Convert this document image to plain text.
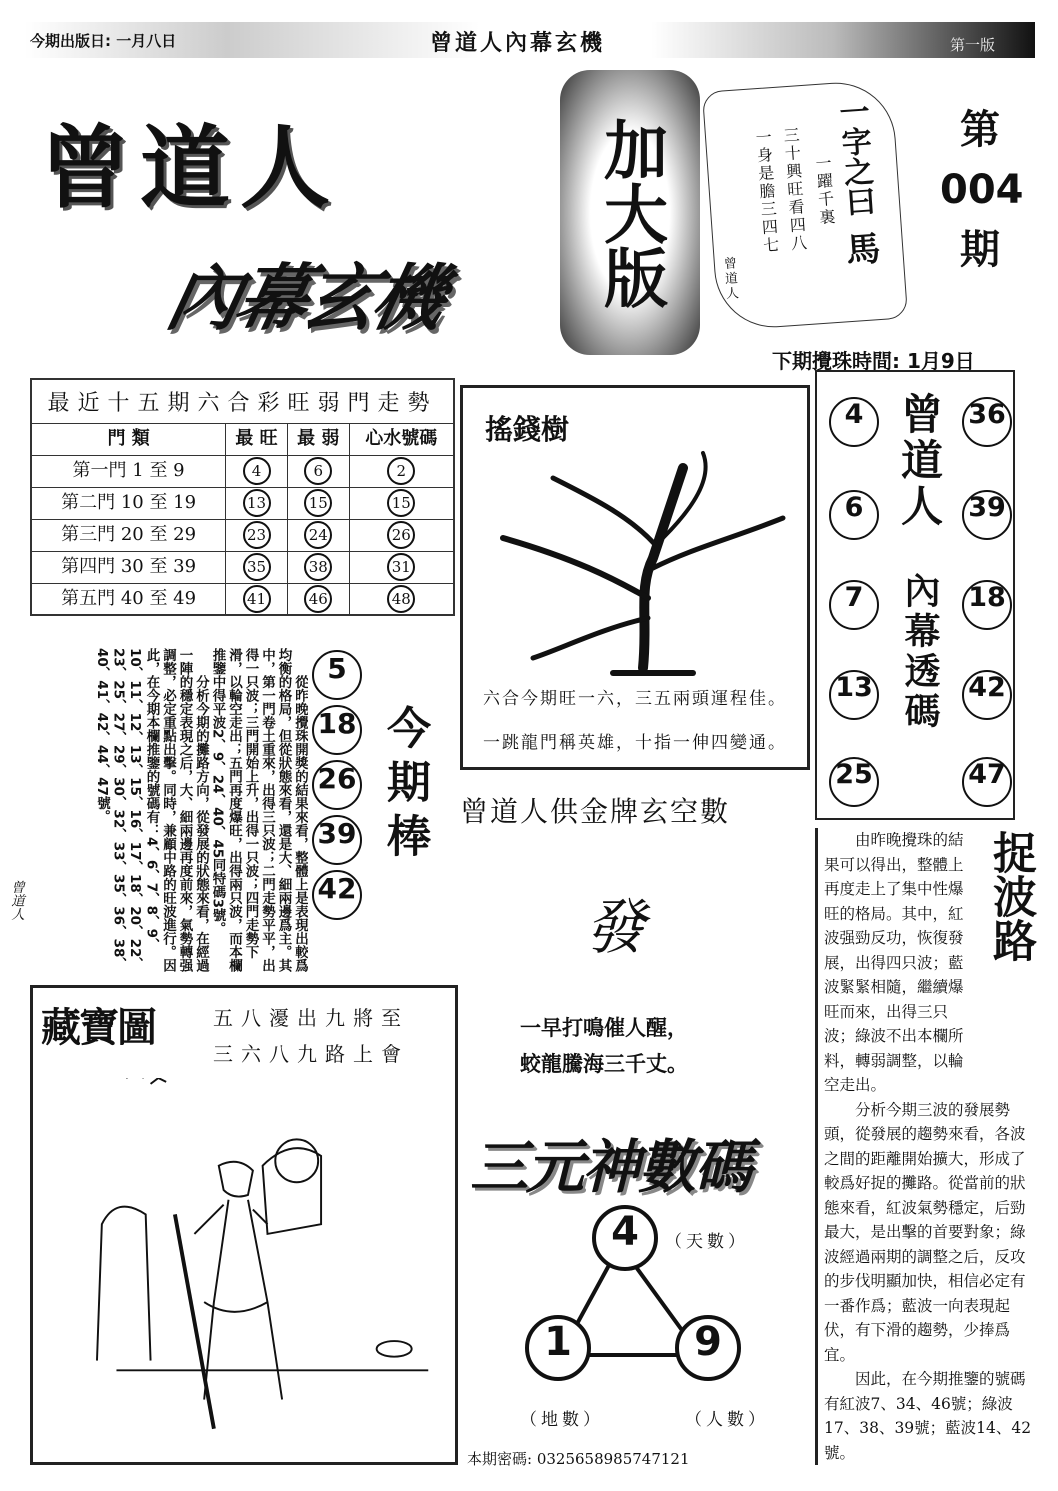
今期出版日: 一月八日	曾道人內幕玄機	第一版
曾道人
內幕玄機	加大版	一字之曰
馬
一躍千裏
三十興旺看四八
一身是膽三四七
曾道人
第
004
期
下期攪珠時間: 1月9日
最近十五期六合彩旺弱門走勢			
門 類	最 旺	最 弱	心水號碼
第一門 1 至 9	4	6	2
第二門 10 至 19	13	15	15
第三門 20 至 29	23	24	26
第四門 30 至 39	35	38	31
第五門 40 至 49	41	46	48

從昨晚攪珠開獎的結果來看，整體上是表現出較爲均衡的格局，但從狀態來看，還是大、細兩邊爲主。其中，第一門卷土重來，出得三只波；二門走勢平平，出得一只波；三門開始上升，出得一只波；四門走勢下滑，以輪空走出；五門再度爆旺，出得兩只波，而本欄推鑒中得平波2、9、24、40、45同特碼3號。

分析今期的攤路方向，從發展的狀態來看，在經過一陣的穩定表現之后，大、細兩邊再度前來，氣勢轉强調整，必定重點出擊。同時，兼顧中路的旺波進行。因此，在今期本欄推鑒的號碼有：4、6、7、8、9、10、11、12、13、15、16、17、18、20、22、23、25、27、29、30、32、33、35、36、38、40、41、42、44、47號。

曾道人
5
18
26
39
42
今期棒
搖錢樹
六合今期旺一六，三五兩頭運程佳。
一跳龍門稱英雄，十指一伸四變通。
曾道人供金牌玄空數
發
一早打鳴催人醒，
蛟龍騰海三千丈。
三元神數碼
4	（天數）
1
（地數）
9
（人數）
本期密碼: 0325658985747121
4
6
7
13
25
36
39
18
42
47
曾道人
內幕透碼

由昨晚攪珠的結果可以得出，整體上再度走上了集中性爆旺的格局。其中，紅波强勁反功，恢復發展，出得四只波；藍波緊緊相隨，繼續爆旺而來，出得三只波；綠波不出本欄所料，轉弱調整，以輪空走出。

分析今期三波的發展勢頭，從發展的趨勢來看，各波之間的距離開始擴大，形成了較爲好捉的攤路。從當前的狀態來看，紅波氣勢穩定，后勁最大，是出擊的首要對象；綠波經過兩期的調整之后，反攻的步伐明顯加快，相信必定有一番作爲；藍波一向表現起伏，有下滑的趨勢，少捧爲宜。

因此，在今期推鑒的號碼有紅波7、34、46號；綠波17、38、39號；藍波14、42號。

捉波路
藏寶圖	五八瀀出九將至
三六八九路上會
